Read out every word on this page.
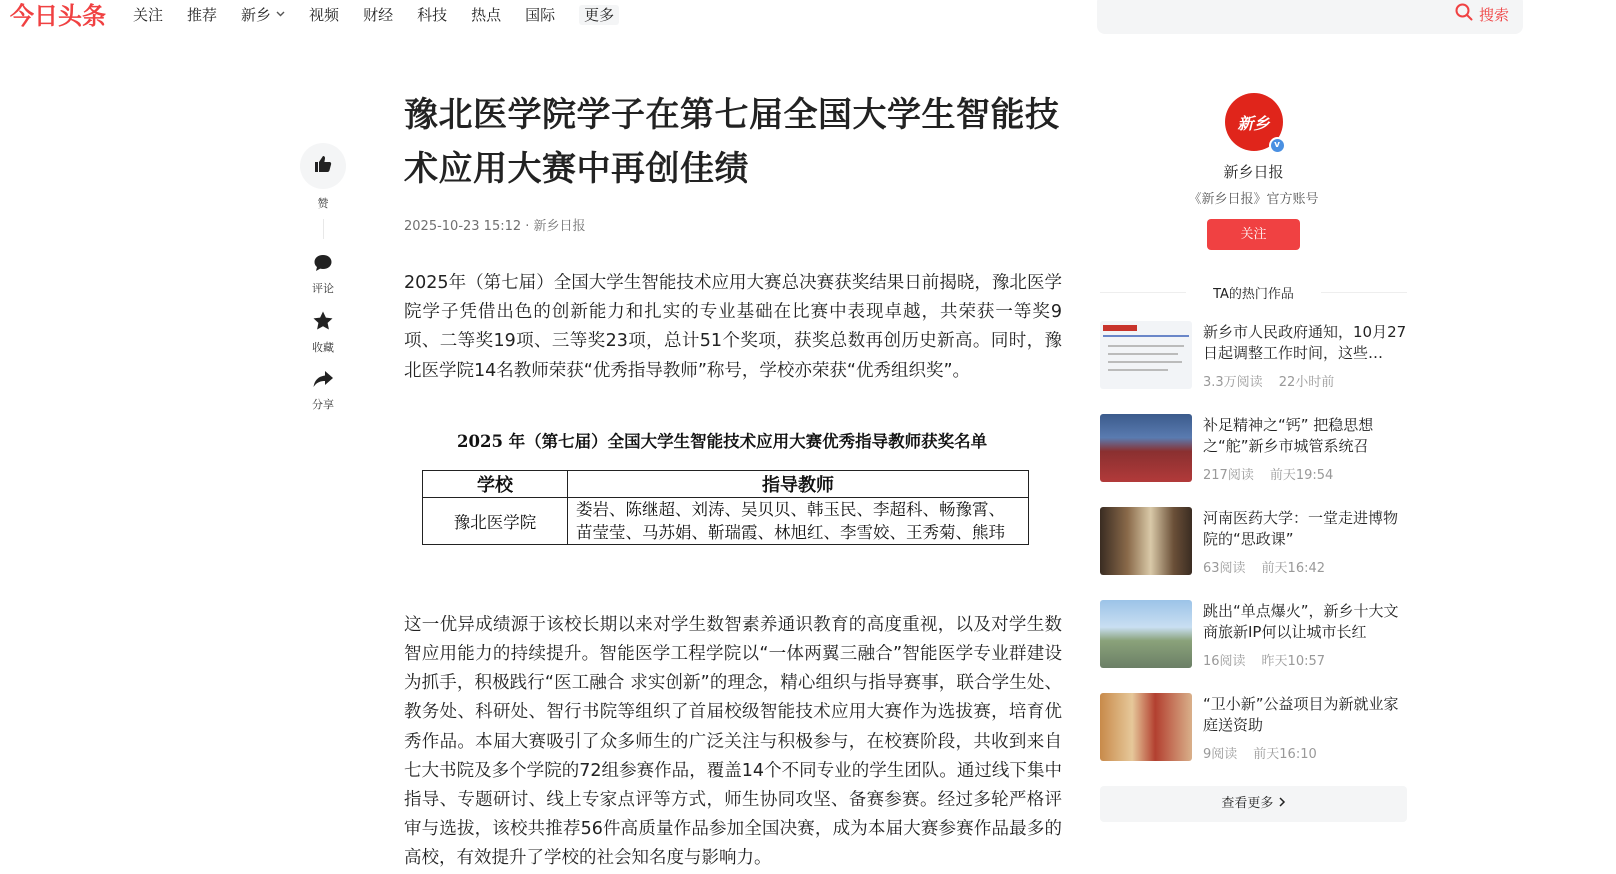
今日头条 关注 推荐 新乡	视频 财经 科技 热点 国际 更多	搜索
赞
评论
收藏
分享
豫北医学院学子在第七届全国大学生智能技术应用大赛中再创佳绩
2025-10-23 15:12 · 新乡日报

2025年（第七届）全国大学生智能技术应用大赛总决赛获奖结果日前揭晓，豫北医学院学子凭借出色的创新能力和扎实的专业基础在比赛中表现卓越，共荣获一等奖9项、二等奖19项、三等奖23项，总计51个奖项，获奖总数再创历史新高。同时，豫北医学院14名教师荣获“优秀指导教师”称号，学校亦荣获“优秀组织奖”。

2025 年（第七届）全国大学生智能技术应用大赛优秀指导教师获奖名单
学校	指导教师
豫北医学院	娄岩、陈继超、刘涛、吴贝贝、韩玉民、李超科、畅豫霄、
苗莹莹、马苏娟、靳瑞霞、林旭红、李雪姣、王秀菊、熊玮

这一优异成绩源于该校长期以来对学生数智素养通识教育的高度重视，以及对学生数智应用能力的持续提升。智能医学工程学院以“一体两翼三融合”智能医学专业群建设为抓手，积极践行“医工融合 求实创新”的理念，精心组织与指导赛事，联合学生处、教务处、科研处、智行书院等组织了首届校级智能技术应用大赛作为选拔赛，培育优秀作品。本届大赛吸引了众多师生的广泛关注与积极参与，在校赛阶段，共收到来自七大书院及多个学院的72组参赛作品，覆盖14个不同专业的学生团队。通过线下集中指导、专题研讨、线上专家点评等方式，师生协同攻坚、备赛参赛。经过多轮严格评审与选拔，该校共推荐56件高质量作品参加全国决赛，成为本届大赛参赛作品最多的高校，有效提升了学校的社会知名度与影响力。

新乡
v
新乡日报
《新乡日报》官方账号
关注
TA的热门作品
新乡市人民政府通知，10月27日起调整工作时间，这些…
3.3万阅读 22小时前
补足精神之“钙” 把稳思想之“舵”新乡市城管系统召
217阅读 前天19:54
河南医药大学：一堂走进博物院的“思政课”
63阅读 前天16:42
跳出“单点爆火”，新乡十大文商旅新IP何以让城市长红
16阅读 昨天10:57
“卫小新”公益项目为新就业家庭送资助
9阅读 前天16:10
查看更多
